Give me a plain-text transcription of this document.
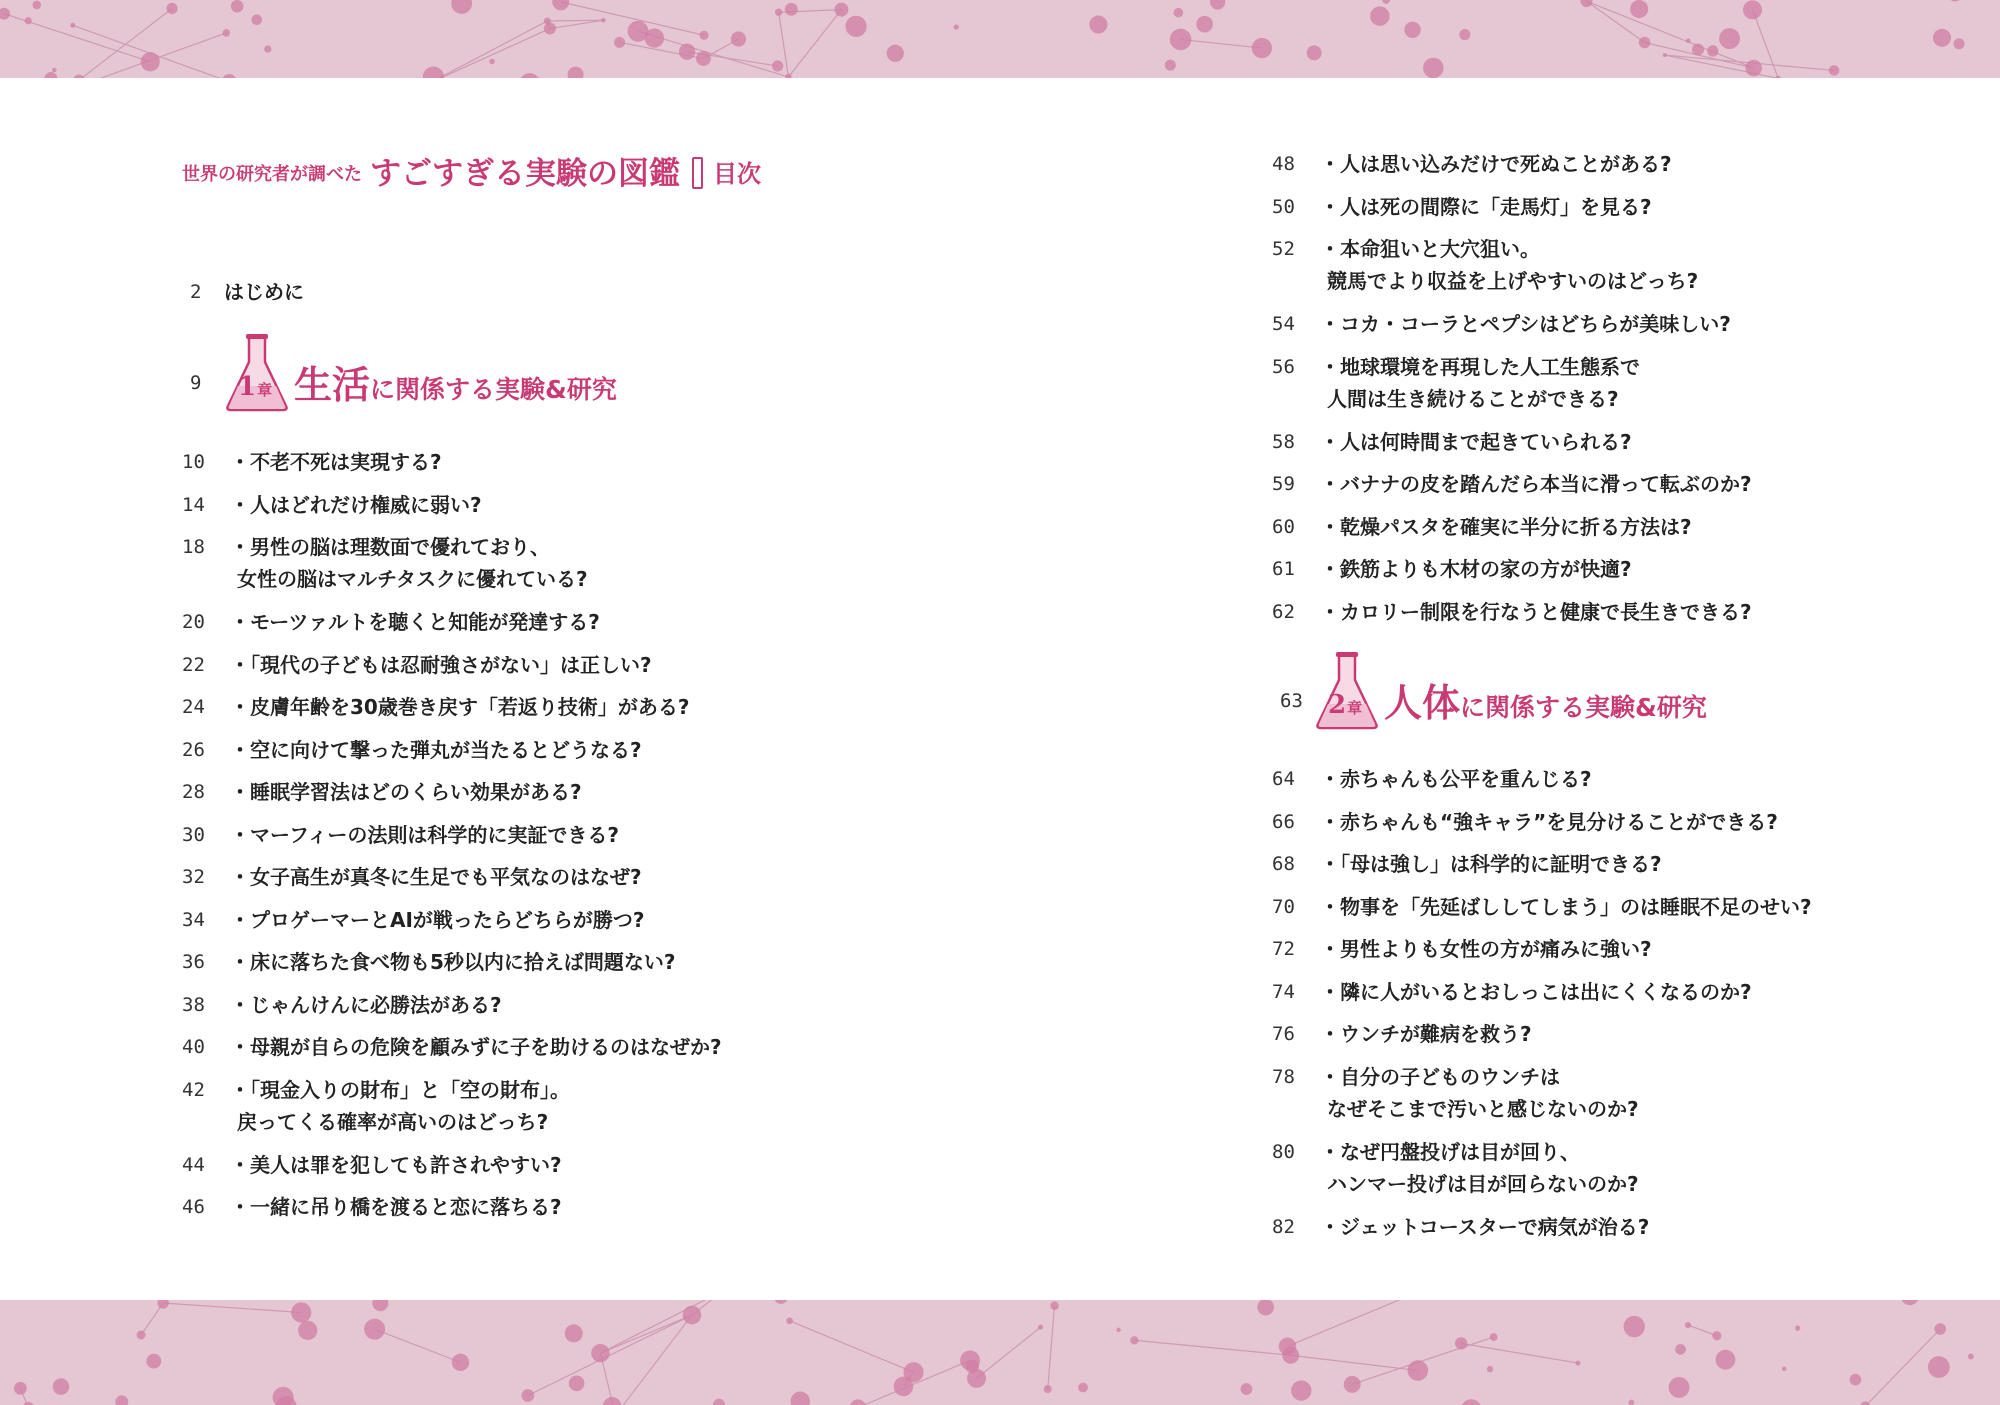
世界の研究者が調べた すごすぎる実験の図鑑 目次
2	はじめに
9 1章 生活に関係する実験&研究
10	・不老不死は実現する?
14	・人はどれだけ権威に弱い?
18	・男性の脳は理数面で優れており、
女性の脳はマルチタスクに優れている?
20	・モーツァルトを聴くと知能が発達する?
22	・「現代の子どもは忍耐強さがない」は正しい?
24	・皮膚年齢を30歳巻き戻す「若返り技術」がある?
26	・空に向けて撃った弾丸が当たるとどうなる?
28	・睡眠学習法はどのくらい効果がある?
30	・マーフィーの法則は科学的に実証できる?
32	・女子高生が真冬に生足でも平気なのはなぜ?
34	・プロゲーマーとAIが戦ったらどちらが勝つ?
36	・床に落ちた食べ物も5秒以内に拾えば問題ない?
38	・じゃんけんに必勝法がある?
40	・母親が自らの危険を顧みずに子を助けるのはなぜか?
42	・「現金入りの財布」と「空の財布」。
戻ってくる確率が高いのはどっち?
44	・美人は罪を犯しても許されやすい?
46	・一緒に吊り橋を渡ると恋に落ちる?
48	・人は思い込みだけで死ぬことがある?
50	・人は死の間際に「走馬灯」を見る?
52	・本命狙いと大穴狙い。
競馬でより収益を上げやすいのはどっち?
54	・コカ・コーラとペプシはどちらが美味しい?
56	・地球環境を再現した人工生態系で
人間は生き続けることができる?
58	・人は何時間まで起きていられる?
59	・バナナの皮を踏んだら本当に滑って転ぶのか?
60	・乾燥パスタを確実に半分に折る方法は?
61	・鉄筋よりも木材の家の方が快適?
62	・カロリー制限を行なうと健康で長生きできる?
63 2章 人体に関係する実験&研究
64	・赤ちゃんも公平を重んじる?
66	・赤ちゃんも“強キャラ”を見分けることができる?
68	・「母は強し」は科学的に証明できる?
70	・物事を「先延ばししてしまう」のは睡眠不足のせい?
72	・男性よりも女性の方が痛みに強い?
74	・隣に人がいるとおしっこは出にくくなるのか?
76	・ウンチが難病を救う?
78	・自分の子どものウンチは
なぜそこまで汚いと感じないのか?
80	・なぜ円盤投げは目が回り、
ハンマー投げは目が回らないのか?
82	・ジェットコースターで病気が治る?
